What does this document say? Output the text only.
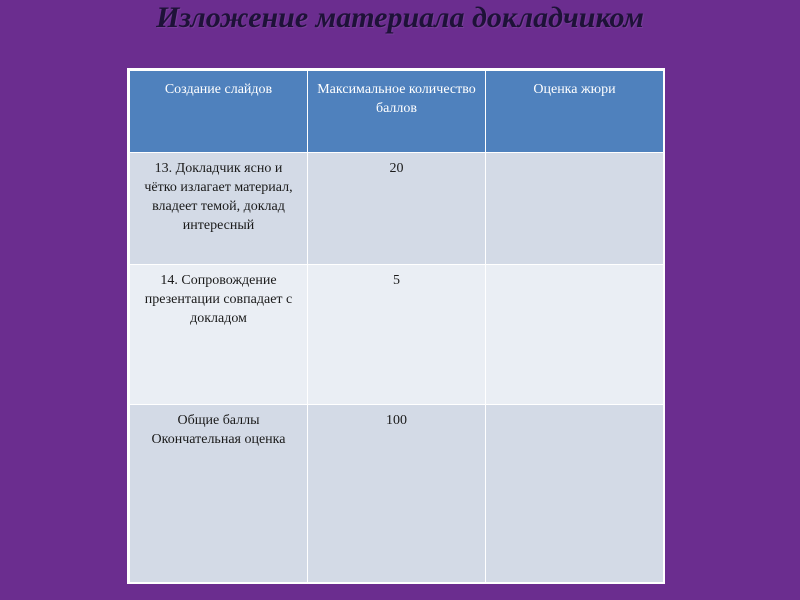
Изложение материала докладчиком
Создание слайдов	Максимальное количество баллов	Оценка жюри

13. Докладчик ясно и чётко излагает материал, владеет темой, доклад интересный	20	

14. Сопровождение презентации совпадает с докладом	5	

Общие баллы Окончательная оценка	100	
